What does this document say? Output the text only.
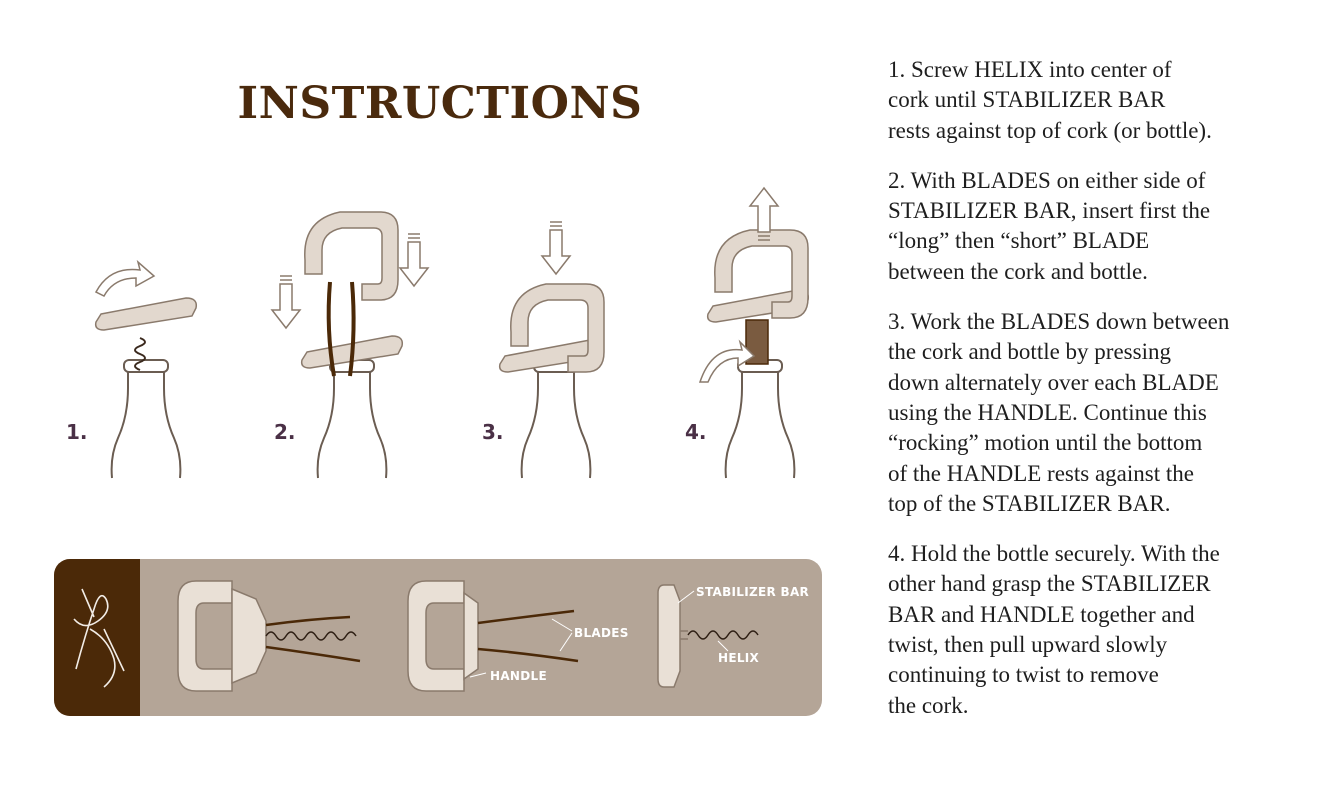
INSTRUCTIONS
1.	2.	3.	4.
STABILIZER BAR
BLADES
HELIX
HANDLE

1. Screw HELIX into center of
cork until STABILIZER BAR
rests against top of cork (or bottle).

2. With BLADES on either side of
STABILIZER BAR, insert first the
“long” then “short” BLADE
between the cork and bottle.

3. Work the BLADES down between
the cork and bottle by pressing
down alternately over each BLADE
using the HANDLE. Continue this
“rocking” motion until the bottom
of the HANDLE rests against the
top of the STABILIZER BAR.

4. Hold the bottle securely. With the
other hand grasp the STABILIZER
BAR and HANDLE together and
twist, then pull upward slowly
continuing to twist to remove
the cork.
